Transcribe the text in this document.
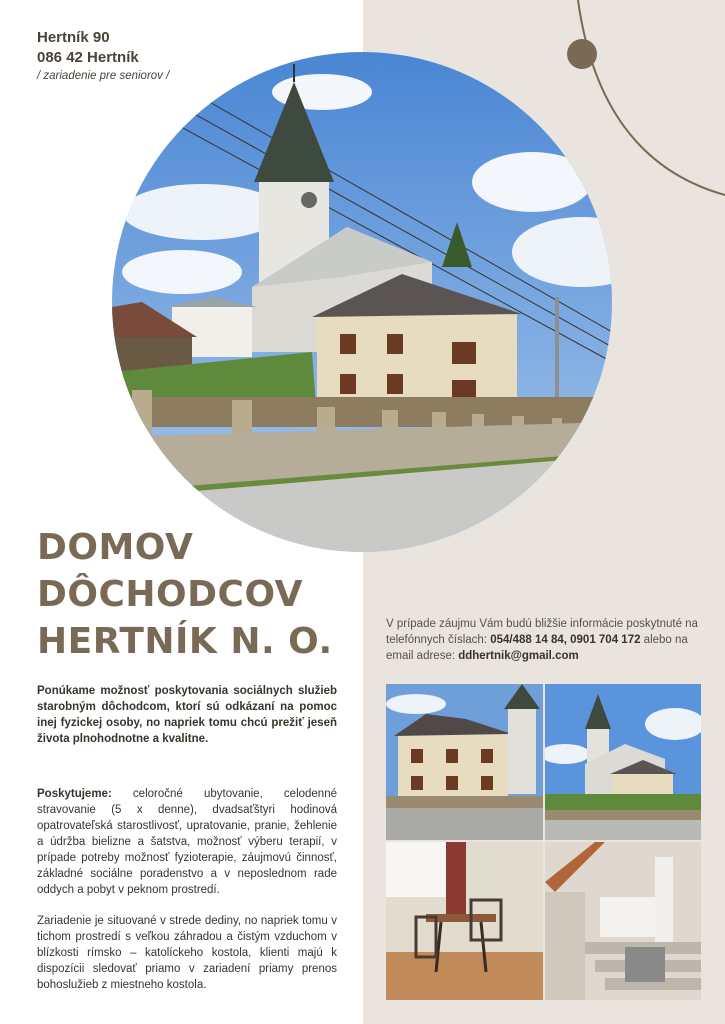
Hertník 90
086 42 Hertník
/ zariadenie pre seniorov /
DOMOV
DÔCHODCOV
HERTNÍK N. O.	V prípade záujmu Vám budú bližšie informácie poskytnuté na telefónnych číslach: 054/488 14 84, 0901 704 172 alebo na email adrese: ddhertnik@gmail.com
Ponúkame možnosť poskytovania sociálnych služieb starobným dôchodcom, ktorí sú odkázaní na pomoc inej fyzickej osoby, no napriek tomu chcú prežiť jeseň života plnohodnotne a kvalitne.
Poskytujeme: celoročné ubytovanie, celodenné stravovanie (5 x denne), dvadsaťštyri hodinová opatrovateľská starostlivosť, upratovanie, pranie, žehlenie a údržba bielizne a šatstva, možnosť výberu terapií, v prípade potreby možnosť fyzioterapie, záujmovú činnosť, základné sociálne poradenstvo a v neposlednom rade oddych a pobyt v peknom prostredí.
Zariadenie je situované v strede dediny, no napriek tomu v tichom prostredí s veľkou záhradou a čistým vzduchom v blízkosti rímsko – katolíckeho kostola, klienti majú k dispozícii sledovať priamo v zariadení priamy prenos bohoslužieb z miestneho kostola.
